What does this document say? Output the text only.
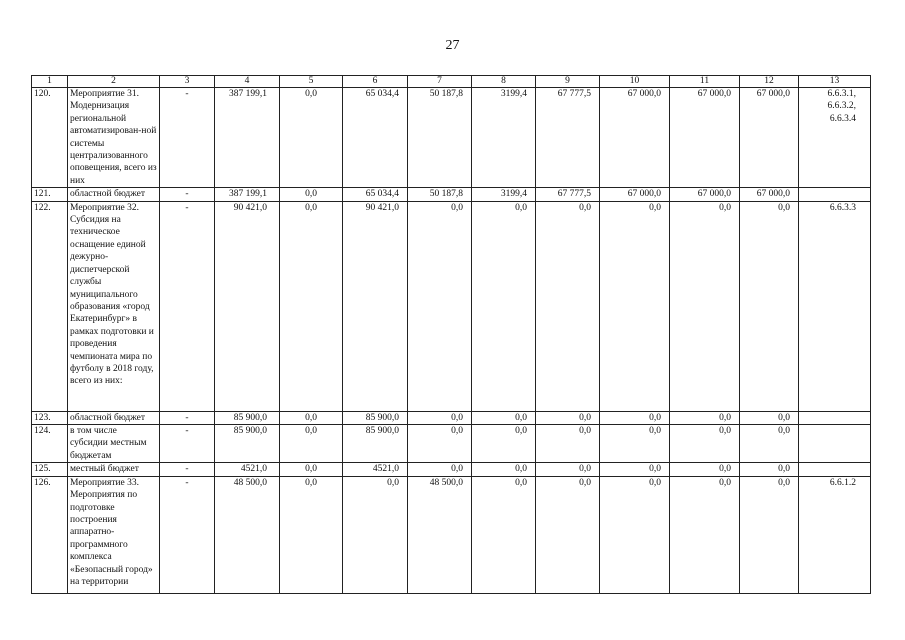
27
1	2	3	4	5	6	7	8	9	10	11	12	13
120.	Мероприятие 31. Модернизация региональной автоматизирован-ной системы централизованного оповещения, всего из них	-	387 199,1	0,0	65 034,4	50 187,8	3199,4	67 777,5	67 000,0	67 000,0	67 000,0	6.6.3.1, 6.6.3.2, 6.6.3.4
121.	областной бюджет	-	387 199,1	0,0	65 034,4	50 187,8	3199,4	67 777,5	67 000,0	67 000,0	67 000,0	
122.	Мероприятие 32. Субсидия на техническое оснащение единой дежурно-диспетчерской службы муниципального образования «город Екатеринбург» в рамках подготовки и проведения чемпионата мира по футболу в 2018 году, всего из них:	-	90 421,0	0,0	90 421,0	0,0	0,0	0,0	0,0	0,0	0,0	6.6.3.3
123.	областной бюджет	-	85 900,0	0,0	85 900,0	0,0	0,0	0,0	0,0	0,0	0,0	
124.	в том числе субсидии местным бюджетам	-	85 900,0	0,0	85 900,0	0,0	0,0	0,0	0,0	0,0	0,0	
125.	местный бюджет	-	4521,0	0,0	4521,0	0,0	0,0	0,0	0,0	0,0	0,0	
126.	Мероприятие 33. Мероприятия по подготовке построения аппаратно-программного комплекса «Безопасный город» на территории	-	48 500,0	0,0	0,0	48 500,0	0,0	0,0	0,0	0,0	0,0	6.6.1.2
